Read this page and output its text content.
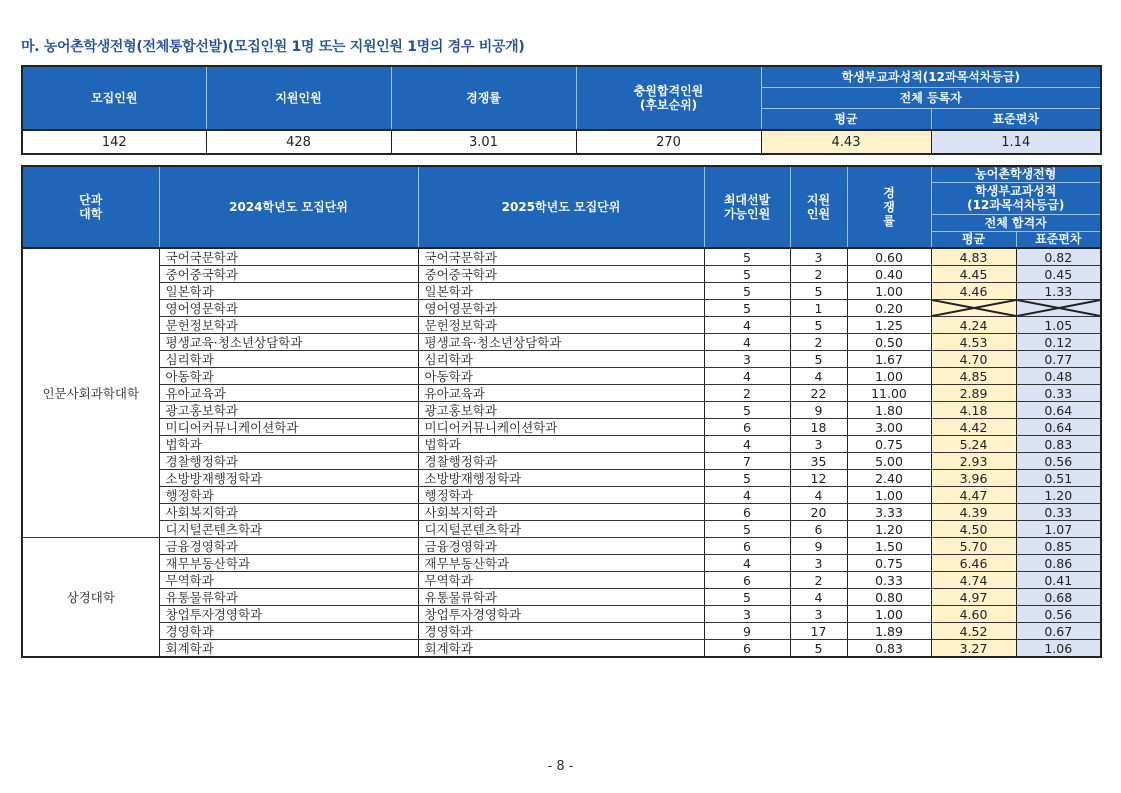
마. 농어촌학생전형(전체통합선발)(모집인원 1명 또는 지원인원 1명의 경우 비공개)
모집인원	지원인원	경쟁률	충원합격인원
(후보순위)	학생부교과성적(12과목석차등급)	
				전체 등록자	
				평균	표준편차
142	428	3.01	270	4.43	1.14
단과
대학	2024학년도 모집단위	2025학년도 모집단위	최대선발
가능인원

지원
인원

경
쟁
률
	농어촌학생전형

						학생부교과성적
(12과목석차등급)	

						전체 합격자	
						평균	표준편차
인문사회과학대학	국어국문학과	국어국문학과	5	3	0.60	4.83	0.82
	중어중국학과	중어중국학과	5	2	0.40	4.45	0.45
	일본학과	일본학과	5	5	1.00	4.46	1.33
	영어영문학과	영어영문학과	5	1	0.20	

	문헌정보학과	문헌정보학과	4	5	1.25	4.24	1.05
	평생교육·청소년상담학과	평생교육·청소년상담학과	4	2	0.50	4.53	0.12
	심리학과	심리학과	3	5	1.67	4.70	0.77
	아동학과	아동학과	4	4	1.00	4.85	0.48
	유아교육과	유아교육과	2	22	11.00	2.89	0.33
	광고홍보학과	광고홍보학과	5	9	1.80	4.18	0.64
	미디어커뮤니케이션학과	미디어커뮤니케이션학과	6	18	3.00	4.42	0.64
	법학과	법학과	4	3	0.75	5.24	0.83
	경찰행정학과	경찰행정학과	7	35	5.00	2.93	0.56
	소방방재행정학과	소방방재행정학과	5	12	2.40	3.96	0.51
	행정학과	행정학과	4	4	1.00	4.47	1.20
	사회복지학과	사회복지학과	6	20	3.33	4.39	0.33
	디지털콘텐츠학과	디지털콘텐츠학과	5	6	1.20	4.50	1.07
상경대학	금융경영학과	금융경영학과	6	9	1.50	5.70	0.85
	재무부동산학과	재무부동산학과	4	3	0.75	6.46	0.86
	무역학과	무역학과	6	2	0.33	4.74	0.41
	유통물류학과	유통물류학과	5	4	0.80	4.97	0.68
	창업투자경영학과	창업투자경영학과	3	3	1.00	4.60	0.56
	경영학과	경영학과	9	17	1.89	4.52	0.67
	회계학과	회계학과	6	5	0.83	3.27	1.06
- 8 -
